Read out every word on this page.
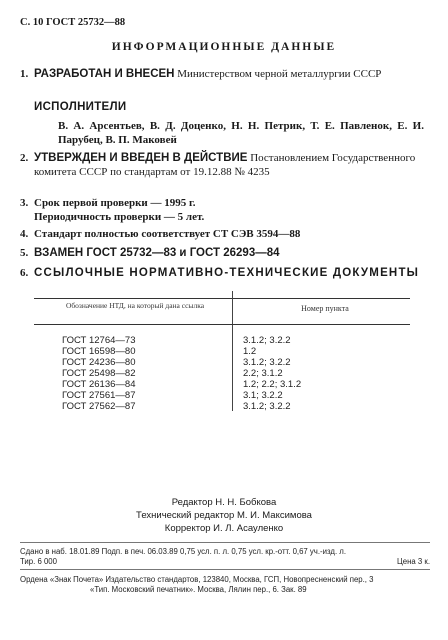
С. 10 ГОСТ 25732—88
ИНФОРМАЦИОННЫЕ ДАННЫЕ
1. РАЗРАБОТАН И ВНЕСЕН Министерством черной металлургии СССР
ИСПОЛНИТЕЛИ
В. А. Арсентьев, В. Д. Доценко, Н. Н. Петрик, Т. Е. Павленок, Е. И. Парубец, В. П. Маковей
2. УТВЕРЖДЕН И ВВЕДЕН В ДЕЙСТВИЕ Постановлением Государственного комитета СССР по стандартам от 19.12.88 № 4235
3. Срок первой проверки — 1995 г.
Периодичность проверки — 5 лет.
4. Стандарт полностью соответствует СТ СЭВ 3594—88
5. ВЗАМЕН ГОСТ 25732—83 и ГОСТ 26293—84
6. ССЫЛОЧНЫЕ НОРМАТИВНО-ТЕХНИЧЕСКИЕ ДОКУМЕНТЫ
Обозначение НТД, на который дана ссылка	Номер пункта
ГОСТ 12764—73	3.1.2; 3.2.2
ГОСТ 16598—80	1.2
ГОСТ 24236—80	3.1.2; 3.2.2
ГОСТ 25498—82	2.2; 3.1.2
ГОСТ 26136—84	1.2; 2.2; 3.1.2
ГОСТ 27561—87	3.1; 3.2.2
ГОСТ 27562—87	3.1.2; 3.2.2
Редактор Н. Н. Бобкова
Технический редактор М. И. Максимова
Корректор И. Л. Асауленко
Сдано в наб. 18.01.89 Подп. в печ. 06.03.89 0,75 усл. п. л. 0,75 усл. кр.-отт. 0,67 уч.-изд. л.
Тир. 6 000	Цена 3 к.
Ордена «Знак Почета» Издательство стандартов, 123840, Москва, ГСП, Новопресненский пер., 3
«Тип. Московский печатник». Москва, Лялин пер., 6. Зак. 89
